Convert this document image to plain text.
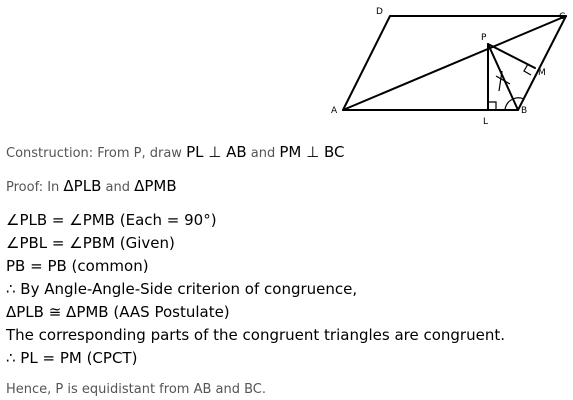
D	C
P
M
A	B
L
Construction: From P, draw PL ⊥ AB and PM ⊥ BC
Proof: In ΔPLB and ΔPMB
∠PLB = ∠PMB (Each = 90°)
∠PBL = ∠PBM (Given)
PB = PB (common)
∴ By Angle-Angle-Side criterion of congruence,
ΔPLB ≅ ΔPMB (AAS Postulate)
The corresponding parts of the congruent triangles are congruent.
∴ PL = PM (CPCT)
Hence, P is equidistant from AB and BC.
